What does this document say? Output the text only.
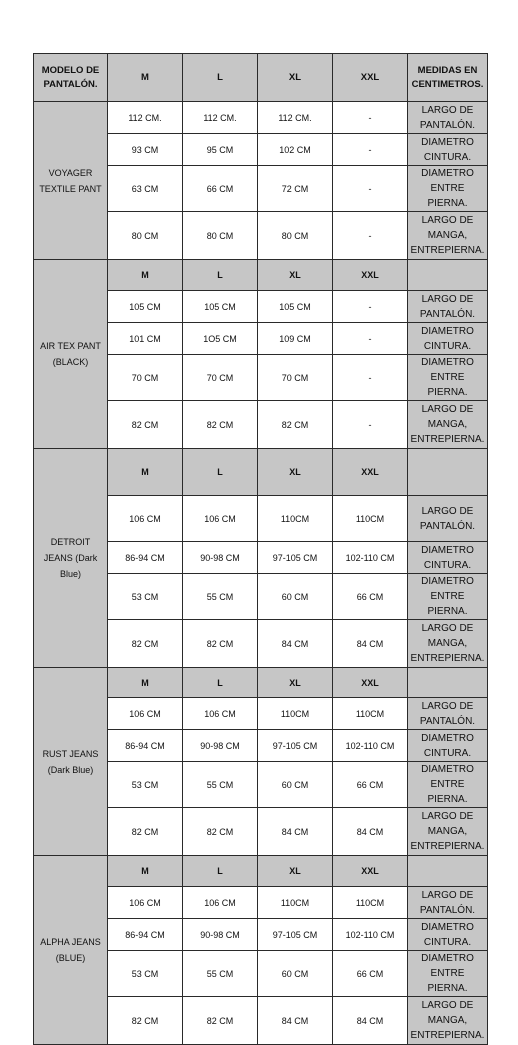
MODELO DE PANTALÓN.	M	L	XL	XXL	MEDIDAS EN CENTIMETROS.
VOYAGER TEXTILE PANT	112 CM.	112 CM.	112 CM.	-	LARGO DE PANTALÓN.
	93 CM	95 CM	102 CM	-	DIAMETRO CINTURA.
	63 CM	66 CM	72 CM	-	DIAMETRO ENTRE PIERNA.
	80 CM	80 CM	80 CM	-	LARGO DE MANGA, ENTREPIERNA.
AIR TEX PANT (BLACK)	M	L	XL	XXL	
	105 CM	105 CM	105 CM	-	LARGO DE PANTALÓN.
	101 CM	1O5 CM	109 CM	-	DIAMETRO CINTURA.
	70 CM	70 CM	70 CM	-	DIAMETRO ENTRE PIERNA.
	82 CM	82 CM	82 CM	-	LARGO DE MANGA, ENTREPIERNA.
DETROIT JEANS (Dark Blue)	M	L	XL	XXL	
	106 CM	106 CM	110CM	110CM	LARGO DE PANTALÓN.
	86-94 CM	90-98 CM	97-105 CM	102-110 CM	DIAMETRO CINTURA.
	53 CM	55 CM	60 CM	66 CM	DIAMETRO ENTRE PIERNA.
	82 CM	82 CM	84 CM	84 CM	LARGO DE MANGA, ENTREPIERNA.
RUST JEANS (Dark Blue)	M	L	XL	XXL	
	106 CM	106 CM	110CM	110CM	LARGO DE PANTALÓN.
	86-94 CM	90-98 CM	97-105 CM	102-110 CM	DIAMETRO CINTURA.
	53 CM	55 CM	60 CM	66 CM	DIAMETRO ENTRE PIERNA.
	82 CM	82 CM	84 CM	84 CM	LARGO DE MANGA, ENTREPIERNA.
ALPHA JEANS (BLUE)	M	L	XL	XXL	
	106 CM	106 CM	110CM	110CM	LARGO DE PANTALÓN.
	86-94 CM	90-98 CM	97-105 CM	102-110 CM	DIAMETRO CINTURA.
	53 CM	55 CM	60 CM	66 CM	DIAMETRO ENTRE PIERNA.
	82 CM	82 CM	84 CM	84 CM	LARGO DE MANGA, ENTREPIERNA.
